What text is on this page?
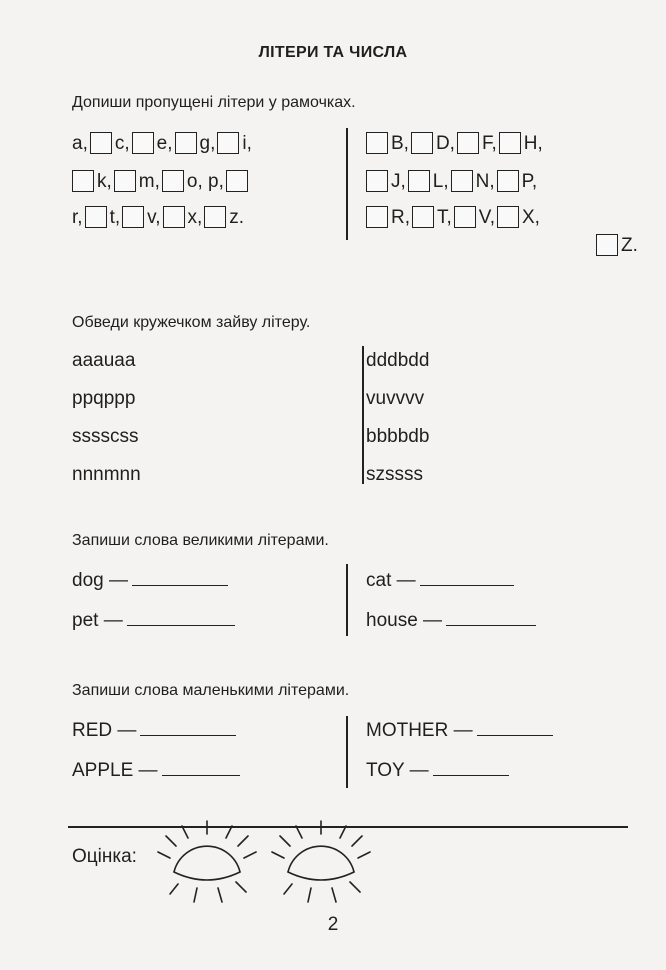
ЛІТЕРИ ТА ЧИСЛА
Допиши пропущені літери у рамочках.
a, c, e, g, i,
k, m, o, p,
r, t, v, x, z.
B, D, F, H,
J, L, N, P,
R, T, V, X,
Z.
Обведи кружечком зайву літеру.
aaauaa
ppqppp
sssscss
nnnmnn
dddbdd
vuvvvv
bbbbdb
szssss
Запиши слова великими літерами.
dog —
pet —
cat —
house —
Запиши слова маленькими літерами.
RED —
APPLE —
MOTHER —
TOY —
Оцінка:
2
